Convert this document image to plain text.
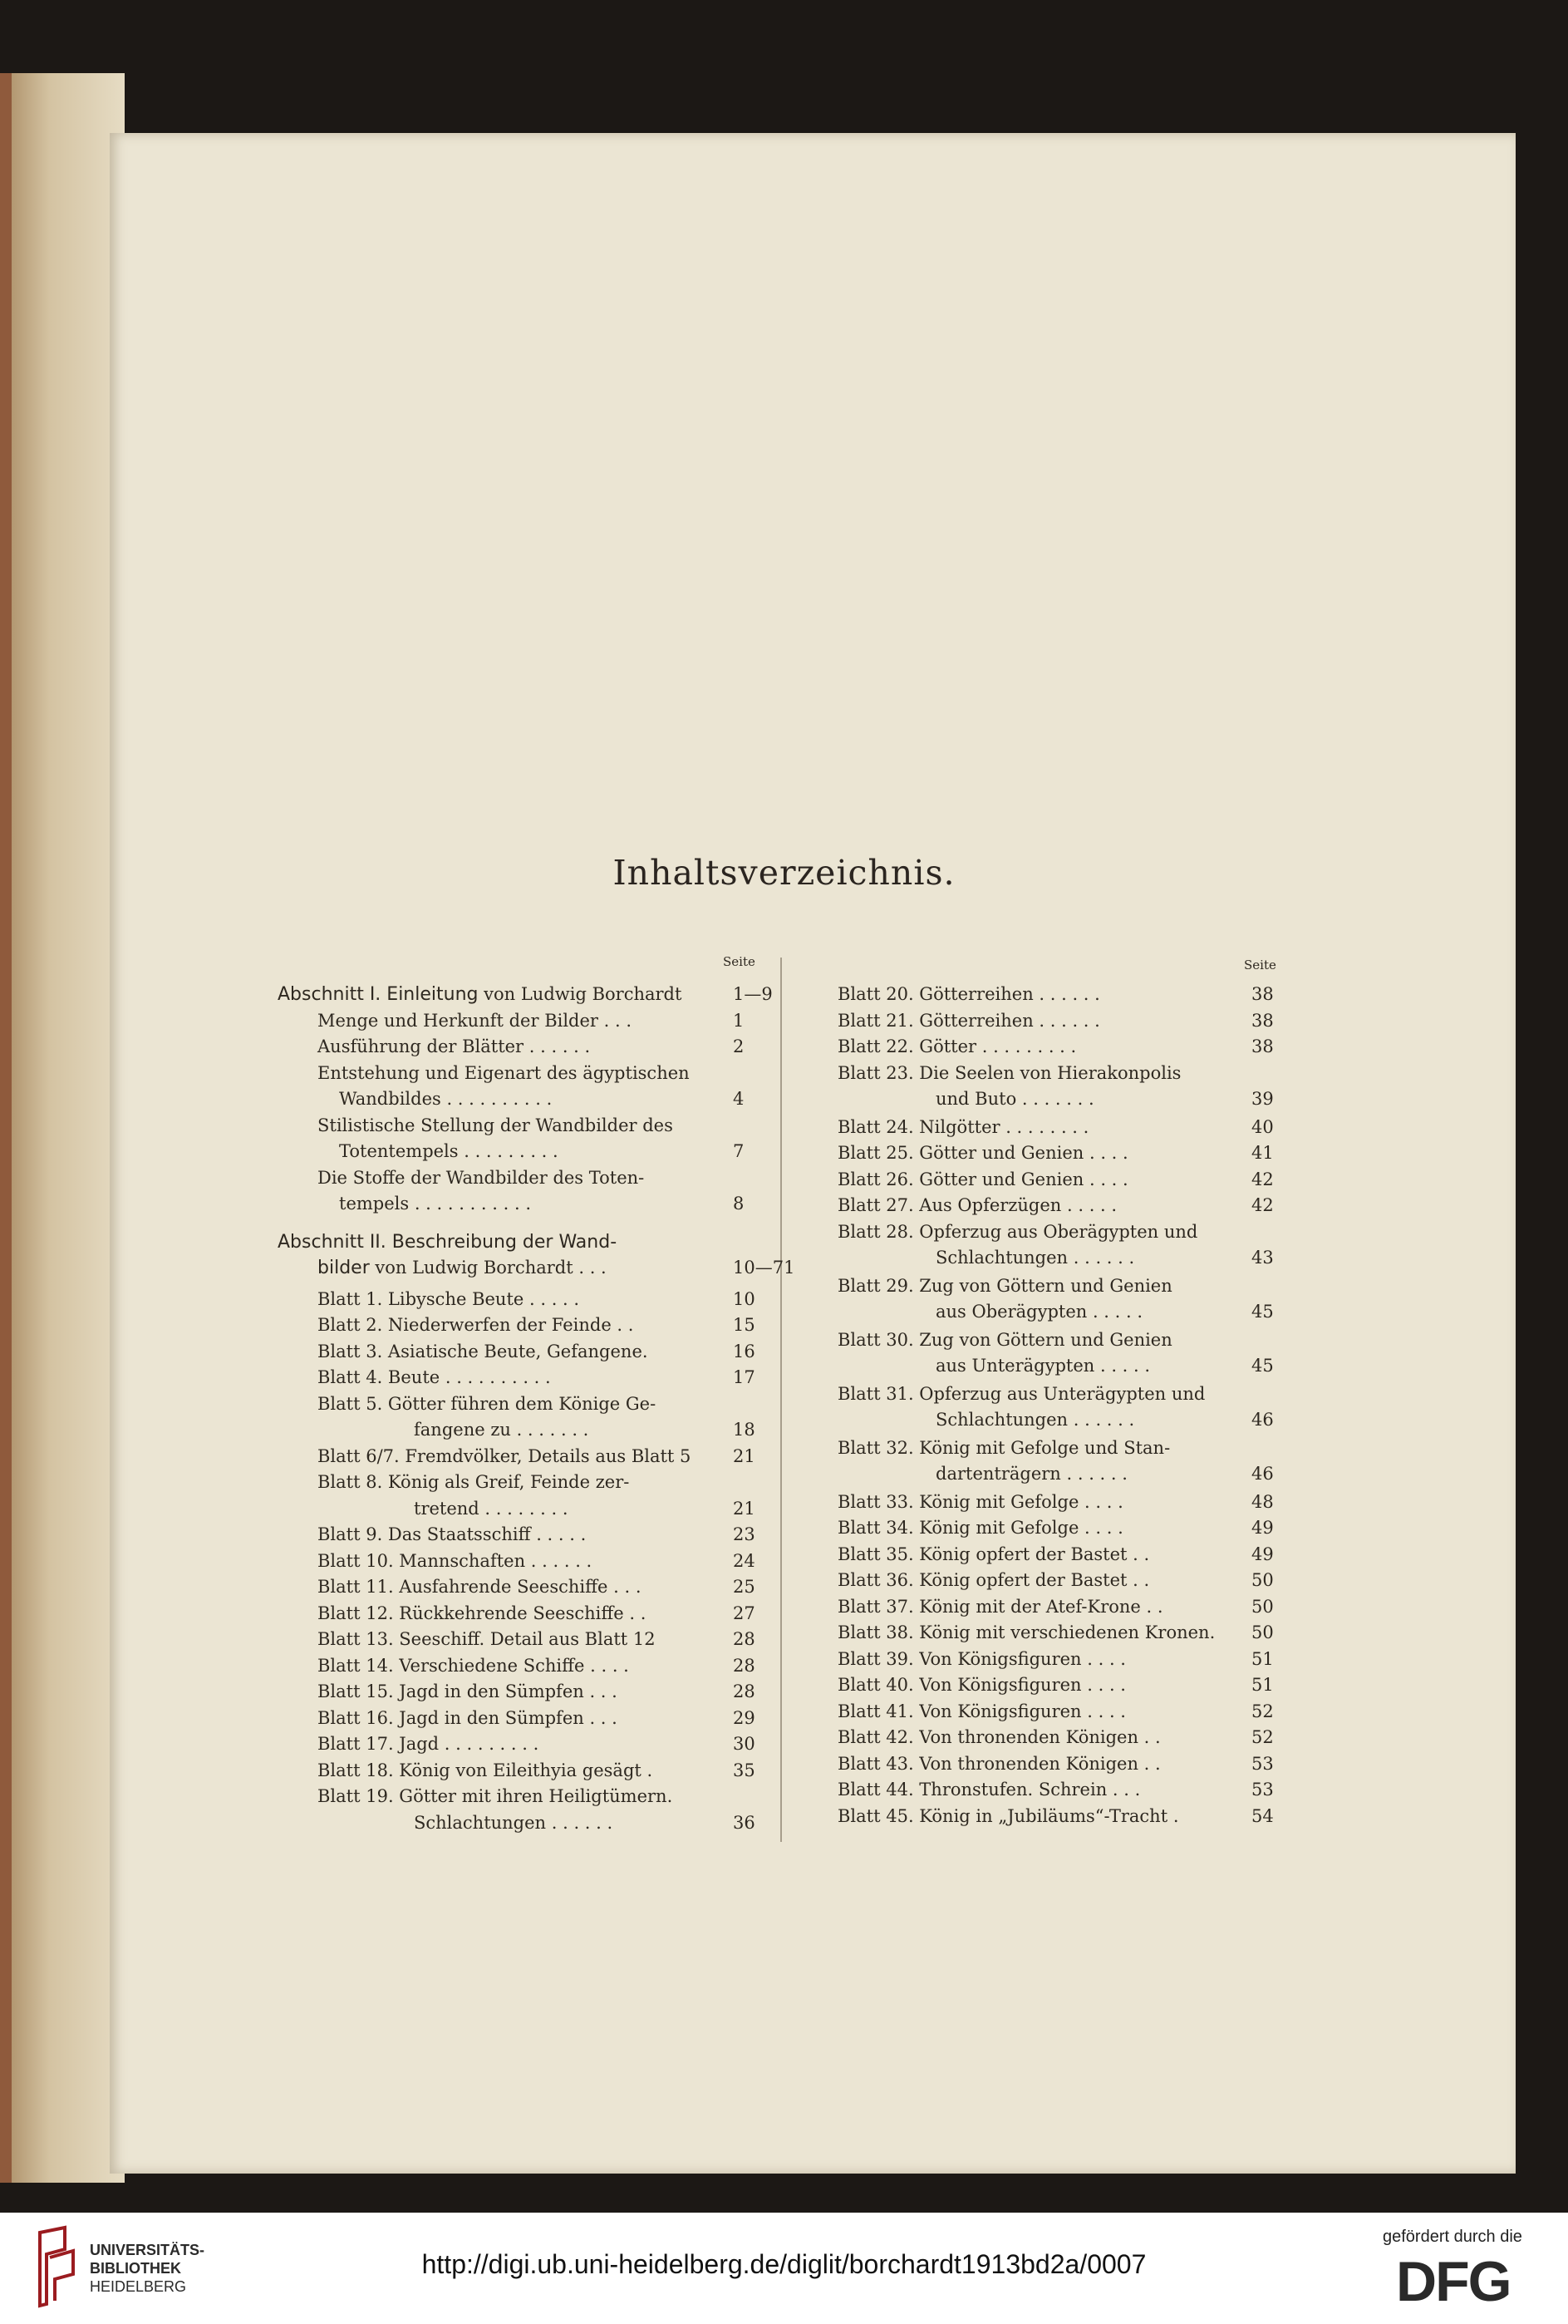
Inhaltsverzeichnis.
Seite	Seite
Abschnitt I. Einleitung von Ludwig Borchardt	1—9
Menge und Herkunft der Bilder . . .	1
Ausführung der Blätter . . . . . .	2
Entstehung und Eigenart des ägyptischen
Wandbildes . . . . . . . . . .	4
Stilistische Stellung der Wandbilder des
Totentempels . . . . . . . . .	7
Die Stoffe der Wandbilder des Toten-
tempels . . . . . . . . . . .	8
Abschnitt II. Beschreibung der Wand-
bilder von Ludwig Borchardt . . .	10—71
Blatt 1. Libysche Beute . . . . .	10
Blatt 2. Niederwerfen der Feinde . .	15
Blatt 3. Asiatische Beute, Gefangene.	16
Blatt 4. Beute . . . . . . . . . .	17
Blatt 5. Götter führen dem Könige Ge-
fangene zu . . . . . . .	18
Blatt 6/7. Fremdvölker, Details aus Blatt 5 21
Blatt 8. König als Greif, Feinde zer-
tretend . . . . . . . .	21
Blatt 9. Das Staatsschiff . . . . .	23
Blatt 10. Mannschaften . . . . . .	24
Blatt 11. Ausfahrende Seeschiffe . . .	25
Blatt 12. Rückkehrende Seeschiffe . .	27
Blatt 13. Seeschiff. Detail aus Blatt 12	28
Blatt 14. Verschiedene Schiffe . . . .	28
Blatt 15. Jagd in den Sümpfen . . .	28
Blatt 16. Jagd in den Sümpfen . . .	29
Blatt 17. Jagd . . . . . . . . .	30
Blatt 18. König von Eileithyia gesägt .	35
Blatt 19. Götter mit ihren Heiligtümern.
Schlachtungen . . . . . .	36
Blatt 20. Götterreihen . . . . . .	38
Blatt 21. Götterreihen . . . . . .	38
Blatt 22. Götter . . . . . . . . .	38
Blatt 23. Die Seelen von Hierakonpolis
und Buto . . . . . . .	39
Blatt 24. Nilgötter . . . . . . . .	40
Blatt 25. Götter und Genien . . . .	41
Blatt 26. Götter und Genien . . . .	42
Blatt 27. Aus Opferzügen . . . . .	42
Blatt 28. Opferzug aus Oberägypten und
Schlachtungen . . . . . .	43
Blatt 29. Zug von Göttern und Genien
aus Oberägypten . . . . .	45
Blatt 30. Zug von Göttern und Genien
aus Unterägypten . . . . .	45
Blatt 31. Opferzug aus Unterägypten und
Schlachtungen . . . . . .	46
Blatt 32. König mit Gefolge und Stan-
dartenträgern . . . . . .	46
Blatt 33. König mit Gefolge . . . .	48
Blatt 34. König mit Gefolge . . . .	49
Blatt 35. König opfert der Bastet . .	49
Blatt 36. König opfert der Bastet . .	50
Blatt 37. König mit der Atef-Krone . .	50
Blatt 38. König mit verschiedenen Kronen. 50
Blatt 39. Von Königsfiguren . . . .	51
Blatt 40. Von Königsfiguren . . . .	51
Blatt 41. Von Königsfiguren . . . .	52
Blatt 42. Von thronenden Königen . .	52
Blatt 43. Von thronenden Königen . .	53
Blatt 44. Thronstufen. Schrein . . .	53
Blatt 45. König in „Jubiläums“-Tracht .	54
UNIVERSITÄTS-
BIBLIOTHEK
HEIDELBERG
http://digi.ub.uni-heidelberg.de/diglit/borchardt1913bd2a/0007
gefördert durch die
DFG
